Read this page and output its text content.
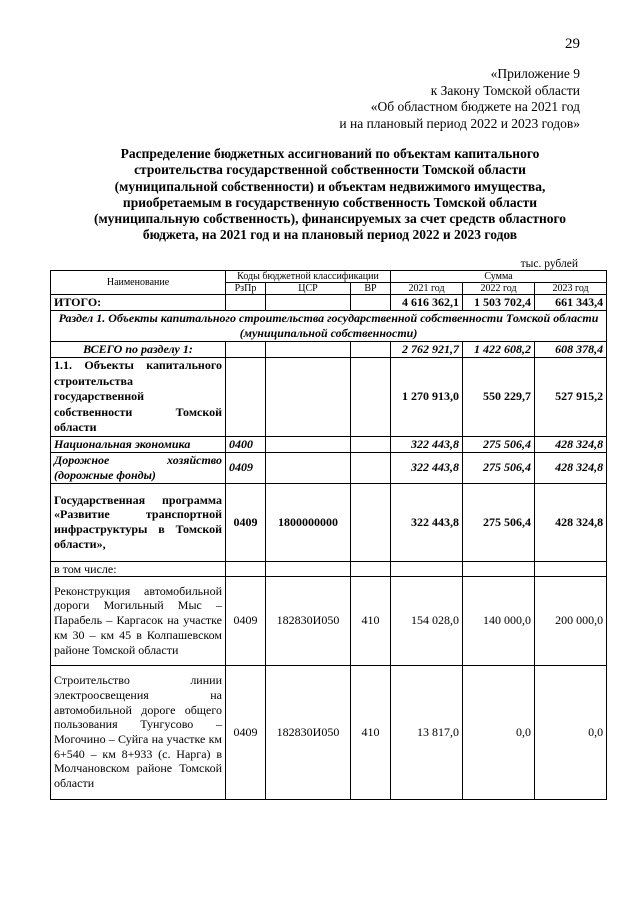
29
«Приложение 9
к Закону Томской области
«Об областном бюджете на 2021 год
и на плановый период 2022 и 2023 годов»
Распределение бюджетных ассигнований по объектам капитального
строительства государственной собственности Томской области
(муниципальной собственности) и объектам недвижимого имущества,
приобретаемым в государственную собственность Томской области
(муниципальную собственность), финансируемых за счет средств областного
бюджета, на 2021 год и на плановый период 2022 и 2023 годов
тыс. рублей
Наименование	Коды бюджетной классификации			Сумма		
	РзПр	ЦСР	ВР	2021 год	2022 год	2023 год
ИТОГО:				4 616 362,1	1 503 702,4	661 343,4
Раздел 1. Объекты капитального строительства государственной собственности Томской области (муниципальной собственности)						
ВСЕГО по разделу 1:				2 762 921,7	1 422 608,2	608 378,4
1.1. Объекты капитального строительства государственной собственности Томской области				1 270 913,0	550 229,7	527 915,2
Национальная экономика	0400			322 443,8	275 506,4	428 324,8
Дорожное хозяйство (дорожные фонды)	0409			322 443,8	275 506,4	428 324,8
Государственная программа «Развитие транспортной инфраструктуры в Томской области»,	0409	1800000000		322 443,8	275 506,4	428 324,8
в том числе:						
Реконструкция автомобильной дороги Могильный Мыс – Парабель – Каргасок на участке км 30 – км 45 в Колпашевском районе Томской области	0409	182830И050	410	154 028,0	140 000,0	200 000,0
Строительство линии электроосвещения на автомобильной дороге общего пользования Тунгусово – Могочино – Суйга на участке км 6+540 – км 8+933 (с. Нарга) в Молчановском районе Томской области	0409	182830И050	410	13 817,0	0,0	0,0
